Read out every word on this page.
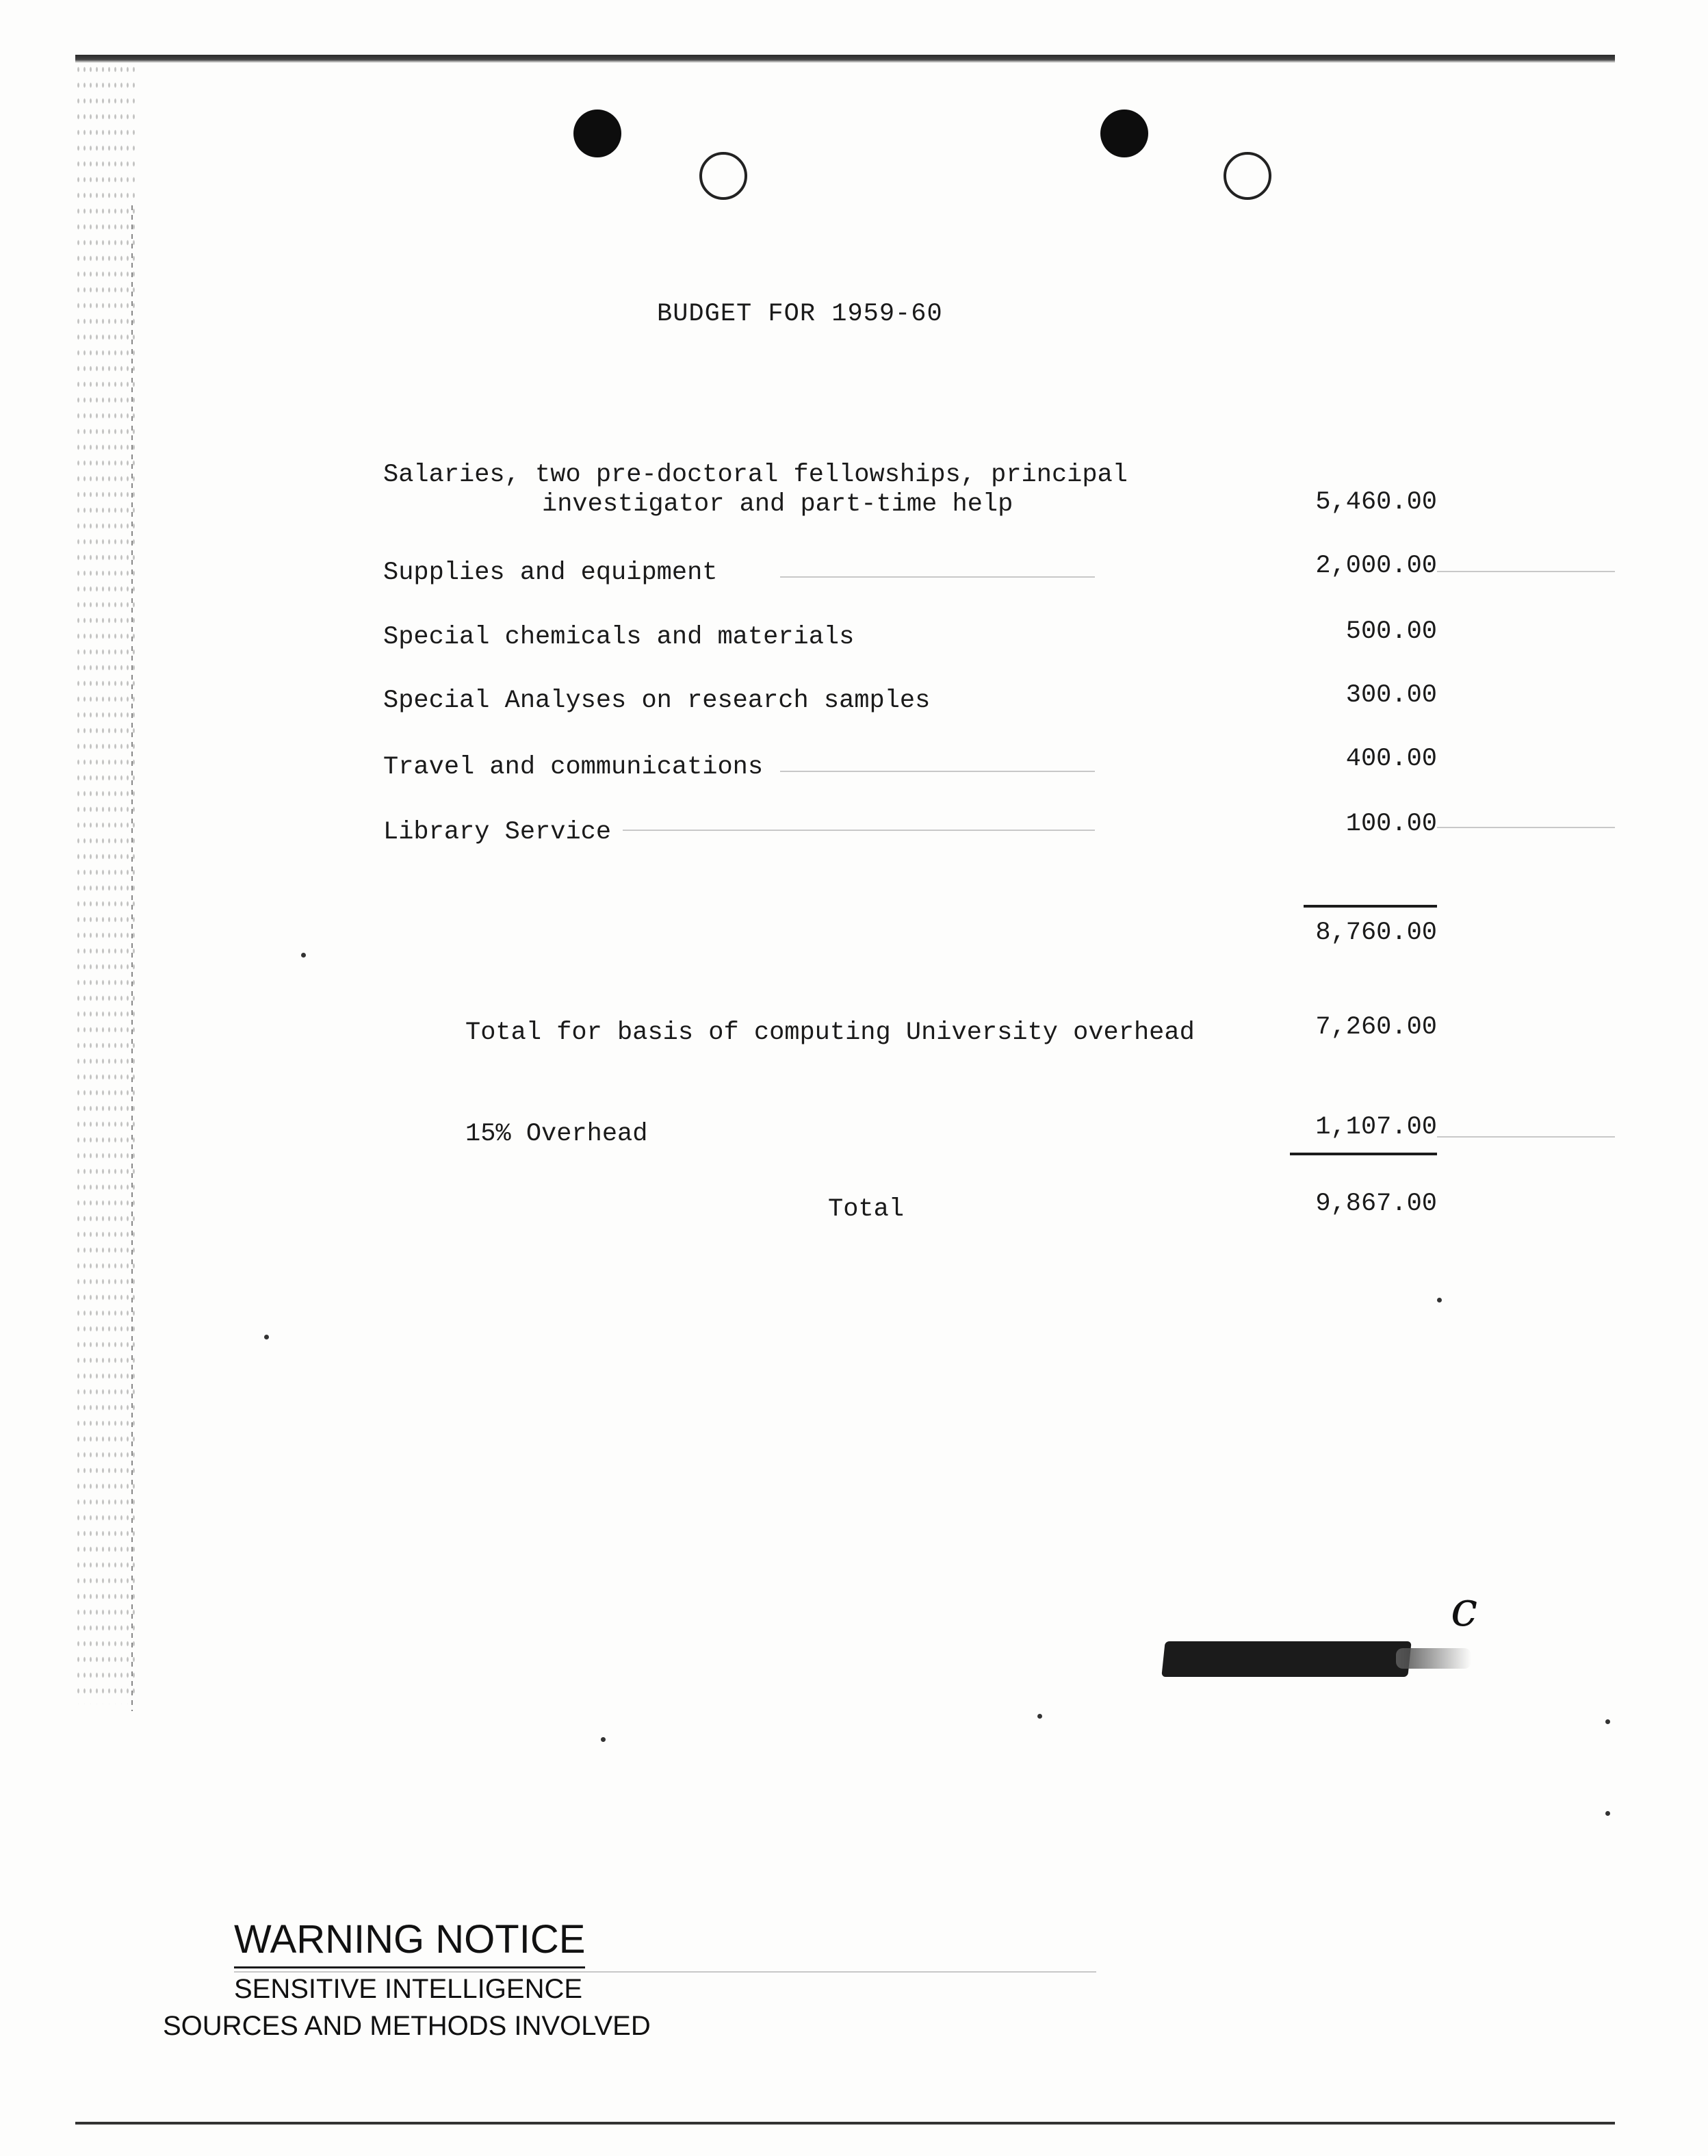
BUDGET FOR 1959-60
Salaries, two pre-doctoral fellowships, principal
investigator and part-time help	5,460.00
Supplies and equipment	2,000.00
Special chemicals and materials	500.00
Special Analyses on research samples	300.00
Travel and communications	400.00
Library Service	100.00
8,760.00
Total for basis of computing University overhead	7,260.00
15% Overhead	1,107.00
Total	9,867.00
c
WARNING NOTICE
SENSITIVE INTELLIGENCE
SOURCES AND METHODS INVOLVED
